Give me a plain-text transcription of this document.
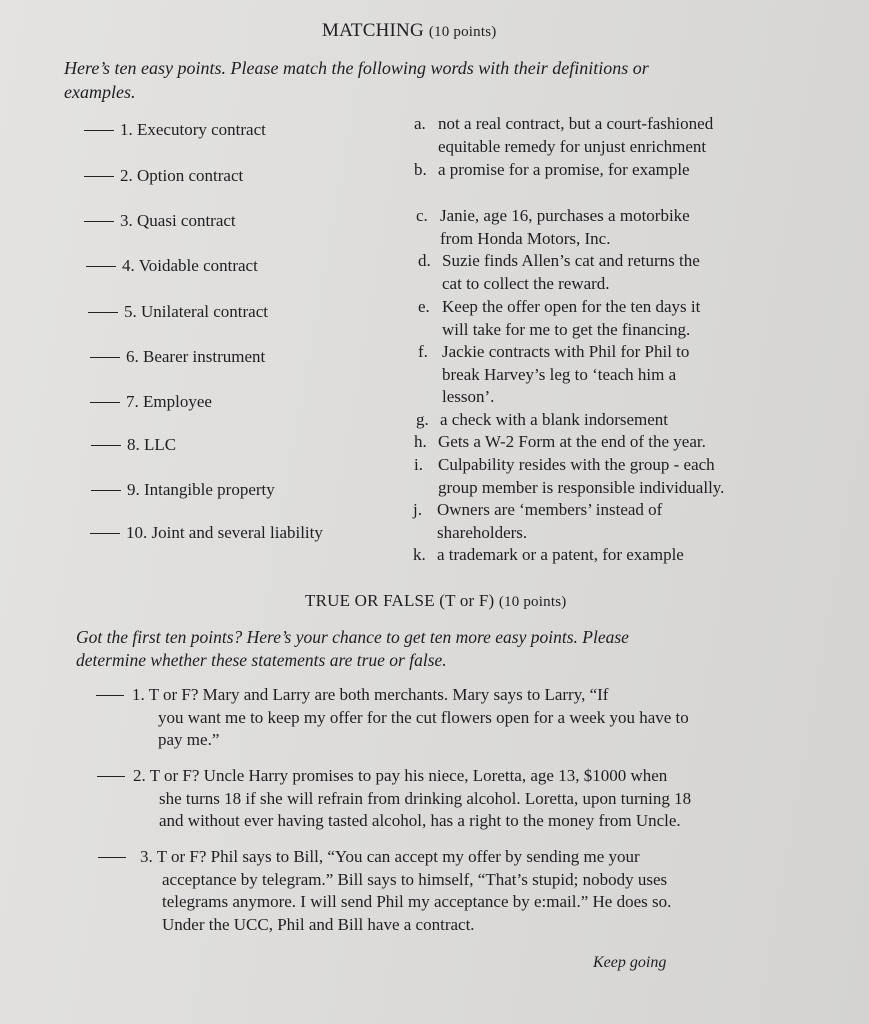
MATCHING (10 points)
Here’s ten easy points. Please match the following words with their definitions or
examples.
1. Executory contract
2. Option contract
3. Quasi contract
4. Voidable contract
5. Unilateral contract
6. Bearer instrument
7. Employee
8. LLC
9. Intangible property
10. Joint and several liability
a. not a real contract, but a court-fashioned
equitable remedy for unjust enrichment
b. a promise for a promise, for example
c. Janie, age 16, purchases a motorbike
from Honda Motors, Inc.
d. Suzie finds Allen’s cat and returns the
cat to collect the reward.
e. Keep the offer open for the ten days it
will take for me to get the financing.
f. Jackie contracts with Phil for Phil to
break Harvey’s leg to ‘teach him a
lesson’.
g. a check with a blank indorsement
h. Gets a W-2 Form at the end of the year.
i. Culpability resides with the group - each
group member is responsible individually.
j. Owners are ‘members’ instead of
shareholders.
k. a trademark or a patent, for example
TRUE OR FALSE (T or F) (10 points)
Got the first ten points? Here’s your chance to get ten more easy points. Please
determine whether these statements are true or false.
1. T or F? Mary and Larry are both merchants. Mary says to Larry, “If
you want me to keep my offer for the cut flowers open for a week you have to
pay me.”
2. T or F? Uncle Harry promises to pay his niece, Loretta, age 13, $1000 when
she turns 18 if she will refrain from drinking alcohol. Loretta, upon turning 18
and without ever having tasted alcohol, has a right to the money from Uncle.
3. T or F? Phil says to Bill, “You can accept my offer by sending me your
acceptance by telegram.” Bill says to himself, “That’s stupid; nobody uses
telegrams anymore. I will send Phil my acceptance by e:mail.” He does so.
Under the UCC, Phil and Bill have a contract.
Keep going
